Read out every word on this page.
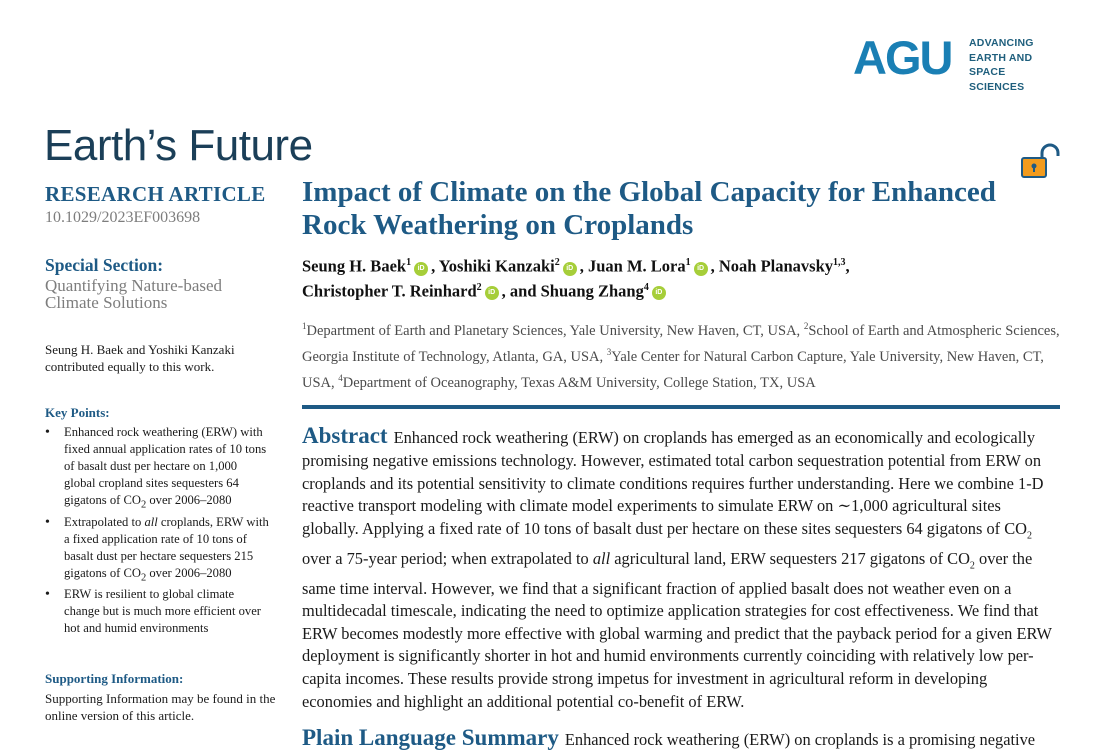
AGU ADVANCING
EARTH AND
SPACE SCIENCES
Earth’s Future
RESEARCH ARTICLE
10.1029/2023EF003698
Special Section:
Quantifying Nature-based Climate Solutions
Seung H. Baek and Yoshiki Kanzaki contributed equally to this work.
Key Points:
• Enhanced rock weathering (ERW) with fixed annual application rates of 10 tons of basalt dust per hectare on 1,000 global cropland sites sequesters 64 gigatons of $CO_2$ over 2006–2080
• Extrapolated to all croplands, ERW with a fixed application rate of 10 tons of basalt dust per hectare sequesters 215 gigatons of $CO_2$ over 2006–2080
• ERW is resilient to global climate change but is much more efficient over hot and humid environments
Supporting Information:
Supporting Information may be found in the online version of this article.
Impact of Climate on the Global Capacity for Enhanced Rock Weathering on Croplands
Seung H. Baek$^1$ iD , Yoshiki Kanzaki$^2$ iD , Juan M. Lora$^1$ iD , Noah Planavsky$^{1,3}$,
Christopher T. Reinhard$^2$ iD , and Shuang Zhang$^4$ iD
$^1$Department of Earth and Planetary Sciences, Yale University, New Haven, CT, USA, $^2$School of Earth and Atmospheric Sciences, Georgia Institute of Technology, Atlanta, GA, USA, $^3$Yale Center for Natural Carbon Capture, Yale University, New Haven, CT, USA, $^4$Department of Oceanography, Texas A&M University, College Station, TX, USA
Abstract Enhanced rock weathering (ERW) on croplands has emerged as an economically and ecologically promising negative emissions technology. However, estimated total carbon sequestration potential from ERW on croplands and its potential sensitivity to climate conditions requires further understanding. Here we combine 1-D reactive transport modeling with climate model experiments to simulate ERW on ∼1,000 agricultural sites globally. Applying a fixed rate of 10 tons of basalt dust per hectare on these sites sequesters 64 gigatons of $CO_2$ over a 75-year period; when extrapolated to all agricultural land, ERW sequesters 217 gigatons of $CO_2$ over the same time interval. However, we find that a significant fraction of applied basalt does not weather even on a multidecadal timescale, indicating the need to optimize application strategies for cost effectiveness. We find that ERW becomes modestly more effective with global warming and predict that the payback period for a given ERW deployment is significantly shorter in hot and humid environments currently coinciding with relatively low per-capita incomes. These results provide strong impetus for investment in agricultural reform in developing economies and highlight an additional potential co-benefit of ERW.
Plain Language Summary Enhanced rock weathering (ERW) on croplands is a promising negative
